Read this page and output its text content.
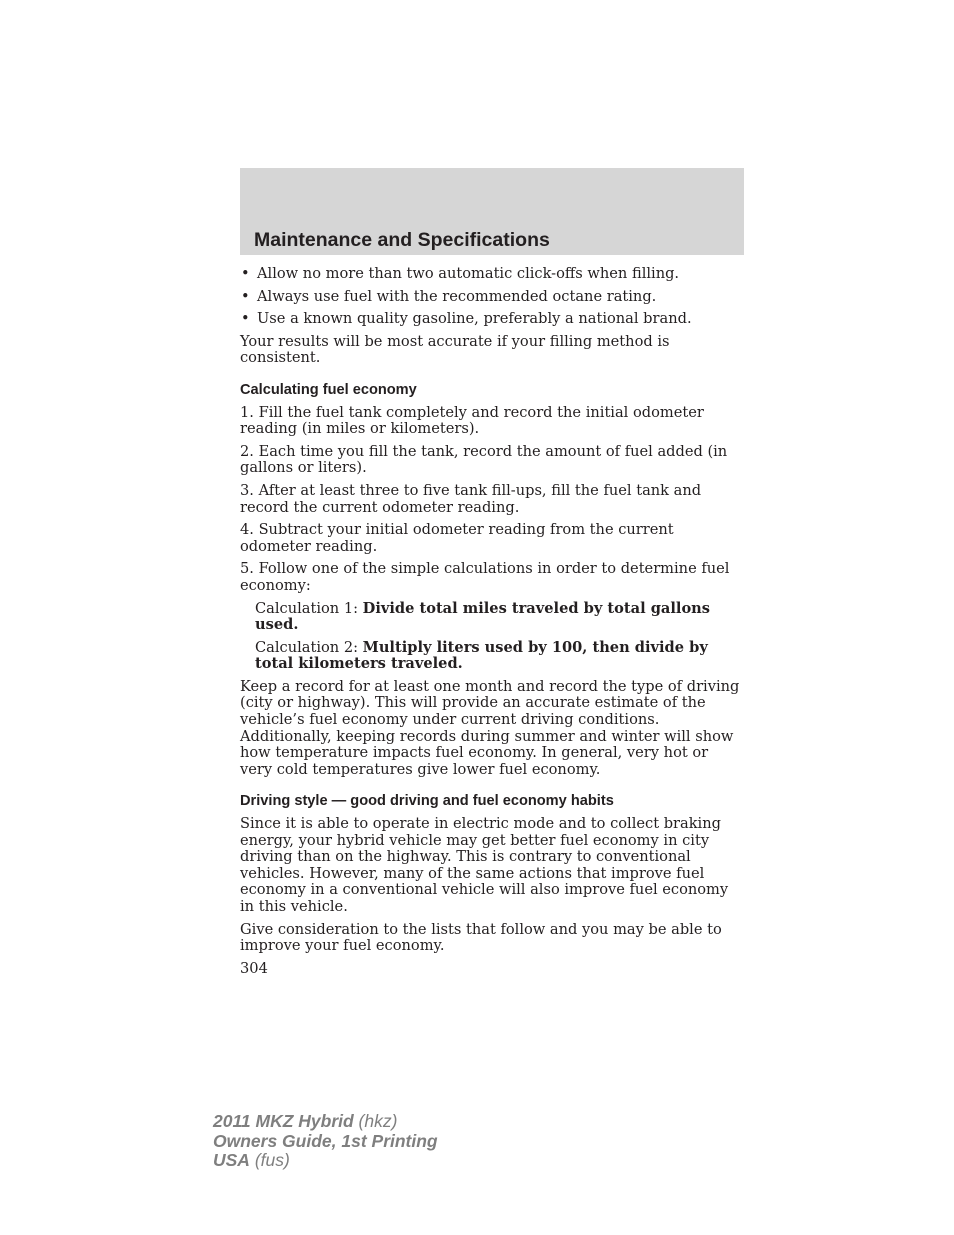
Maintenance and Specifications
• Allow no more than two automatic click-offs when filling.
• Always use fuel with the recommended octane rating.
• Use a known quality gasoline, preferably a national brand.

Your results will be most accurate if your filling method is consistent.

Calculating fuel economy

1. Fill the fuel tank completely and record the initial odometer reading (in miles or kilometers).

2. Each time you fill the tank, record the amount of fuel added (in gallons or liters).

3. After at least three to five tank fill-ups, fill the fuel tank and record the current odometer reading.

4. Subtract your initial odometer reading from the current odometer reading.

5. Follow one of the simple calculations in order to determine fuel economy:

Calculation 1: Divide total miles traveled by total gallons used.

Calculation 2: Multiply liters used by 100, then divide by total kilometers traveled.

Keep a record for at least one month and record the type of driving (city or highway). This will provide an accurate estimate of the vehicle’s fuel economy under current driving conditions. Additionally, keeping records during summer and winter will show how temperature impacts fuel economy. In general, very hot or very cold temperatures give lower fuel economy.

Driving style — good driving and fuel economy habits

Since it is able to operate in electric mode and to collect braking energy, your hybrid vehicle may get better fuel economy in city driving than on the highway. This is contrary to conventional vehicles. However, many of the same actions that improve fuel economy in a conventional vehicle will also improve fuel economy in this vehicle.

Give consideration to the lists that follow and you may be able to improve your fuel economy.

304
2011 MKZ Hybrid (hkz)
Owners Guide, 1st Printing
USA (fus)
